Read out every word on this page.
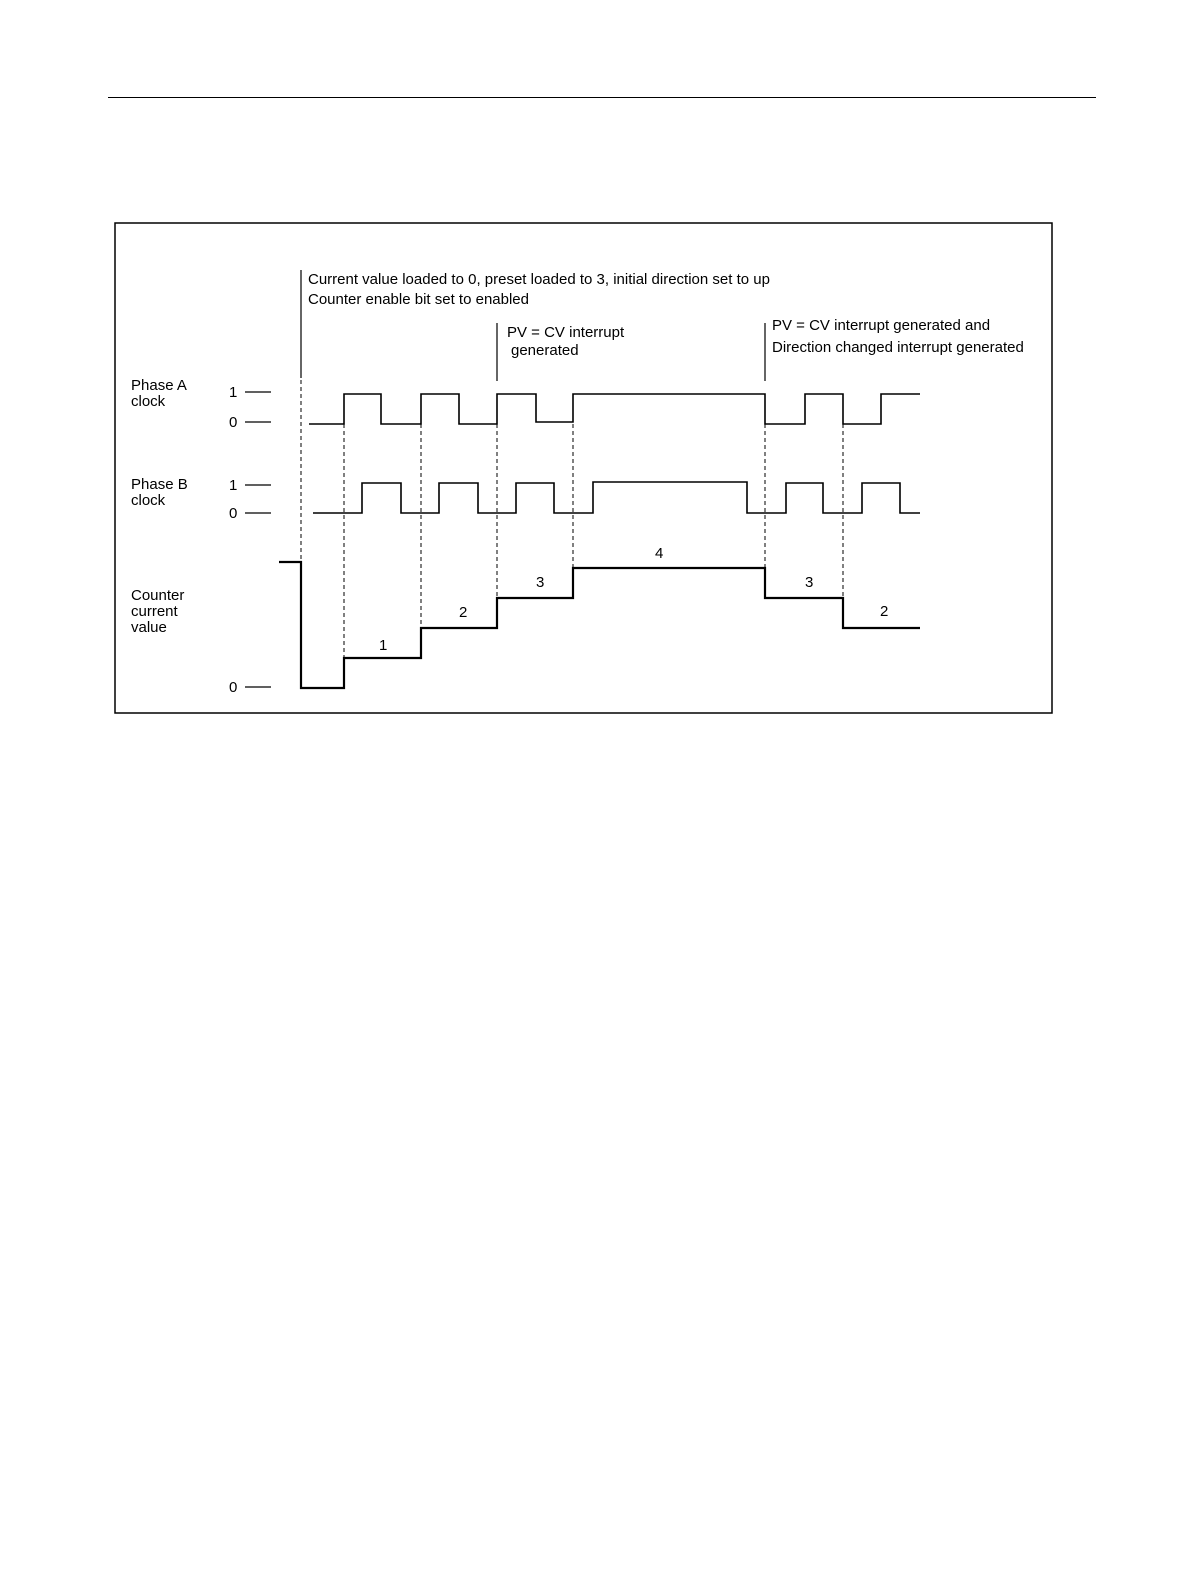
Current value loaded to 0, preset loaded to 3, initial direction set to up
Counter enable bit set to enabled
PV = CV interrupt
generated
PV = CV interrupt generated and
Direction changed interrupt generated
Phase A
clock
Phase B
clock
Counter
current
value
1
0
1
0
0
1
2
3
4
3
2
